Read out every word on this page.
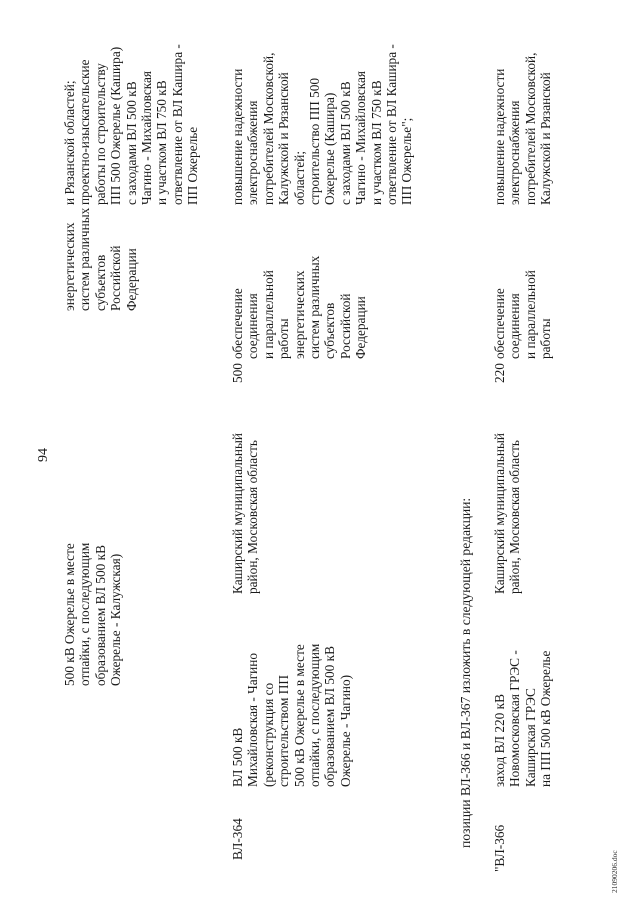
94
21090206.doc
500 кВ Ожерелье в месте отпайки, с последующим образованием ВЛ 500 кВ Ожерелье - Калужская)
энергетических систем различных субъектов Российской Федерации
и Рязанской областей; проектно-изыскательские работы по строительству ПП 500 Ожерелье (Кашира) с заходами ВЛ 500 кВ Чагино - Михайловская и участком ВЛ 750 кВ ответвление от ВЛ Кашира - ПП Ожерелье
ВЛ-364
ВЛ 500 кВ Михайловская - Чагино (реконструкция со строительством ПП 500 кВ Ожерелье в месте отпайки, с последующим образованием ВЛ 500 кВ Ожерелье - Чагино)
Каширский муниципальный район, Московская область
500
обеспечение соединения и параллельной работы энергетических систем различных субъектов Российской Федерации
повышение надежности электроснабжения потребителей Московской, Калужской и Рязанской областей; строительство ПП 500 Ожерелье (Кашира) с заходами ВЛ 500 кВ Чагино - Михайловская и участком ВЛ 750 кВ ответвление от ВЛ Кашира - ПП Ожерелье";
позиции ВЛ-366 и ВЛ-367 изложить в следующей редакции:
"ВЛ-366
заход ВЛ 220 кВ Новомосковская ГРЭС - Каширская ГРЭС на ПП 500 кВ Ожерелье
Каширский муниципальный район, Московская область
220
обеспечение соединения и параллельной работы
повышение надежности электроснабжения потребителей Московской, Калужской и Рязанской
